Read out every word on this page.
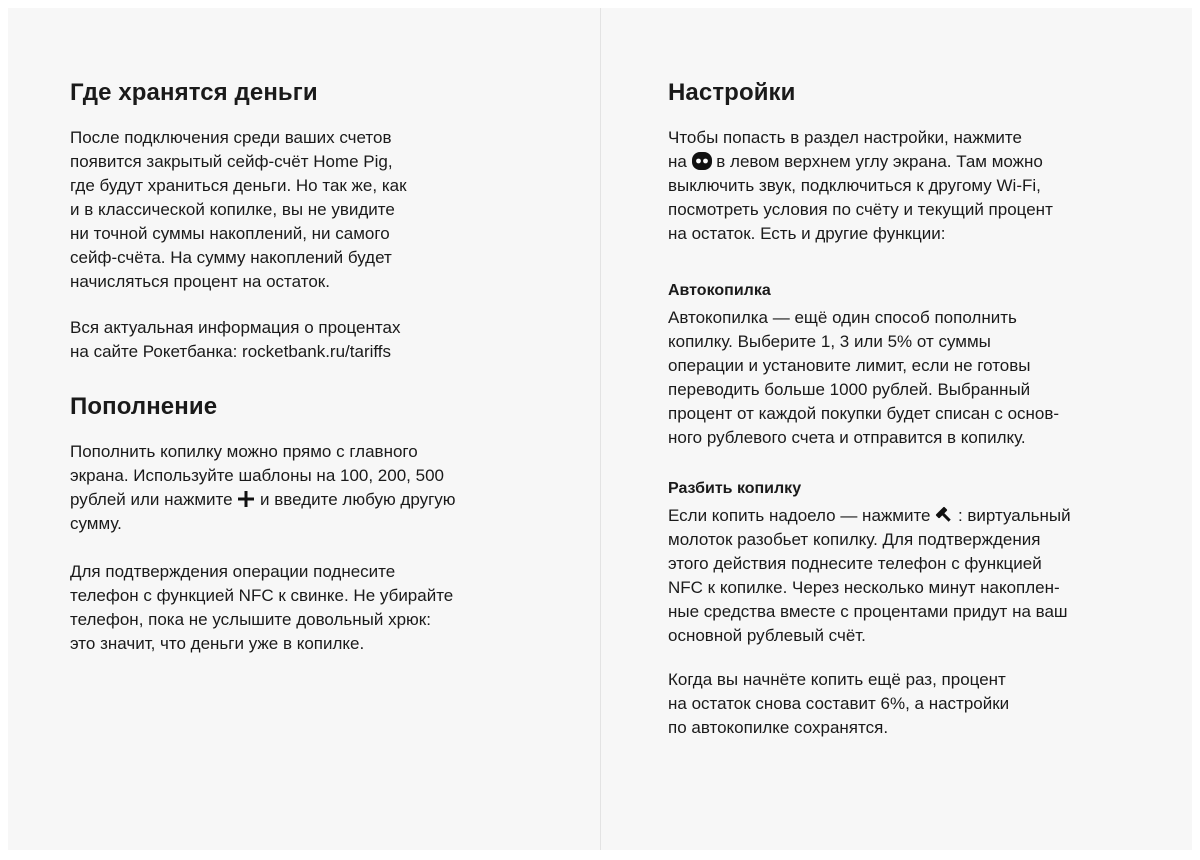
Где хранятся деньги

После подключения среди ваших счетов
появится закрытый сейф-счёт Home Pig,
где будут храниться деньги. Но так же, как
и в классической копилке, вы не увидите
ни точной суммы накоплений, ни самого
сейф-счёта. На сумму накоплений будет
начисляться процент на остаток.

Вся актуальная информация о процентах
на сайте Рокетбанка: rocketbank.ru/tariffs

Пополнение

Пополнить копилку можно прямо с главного
экрана. Используйте шаблоны на 100, 200, 500
рублей или нажмите
и введите любую другую
сумму.

Для подтверждения операции поднесите
телефон с функцией NFC к свинке. Не убирайте
телефон, пока не услышите довольный хрюк:
это значит, что деньги уже в копилке.

Настройки

Чтобы попасть в раздел настройки, нажмите
на
в левом верхнем углу экрана. Там можно
выключить звук, подключиться к другому Wi-Fi,
посмотреть условия по счёту и текущий процент
на остаток. Есть и другие функции:

Автокопилка

Автокопилка — ещё один способ пополнить
копилку. Выберите 1, 3 или 5% от суммы
операции и установите лимит, если не готовы
переводить больше 1000 рублей. Выбранный
процент от каждой покупки будет списан с основ-
ного рублевого счета и отправится в копилку.

Разбить копилку

Если копить надоело — нажмите
: виртуальный
молоток разобьет копилку. Для подтверждения
этого действия поднесите телефон с функцией
NFC к копилке. Через несколько минут накоплен-
ные средства вместе с процентами придут на ваш
основной рублевый счёт.

Когда вы начнёте копить ещё раз, процент
на остаток снова составит 6%, а настройки
по автокопилке сохранятся.
